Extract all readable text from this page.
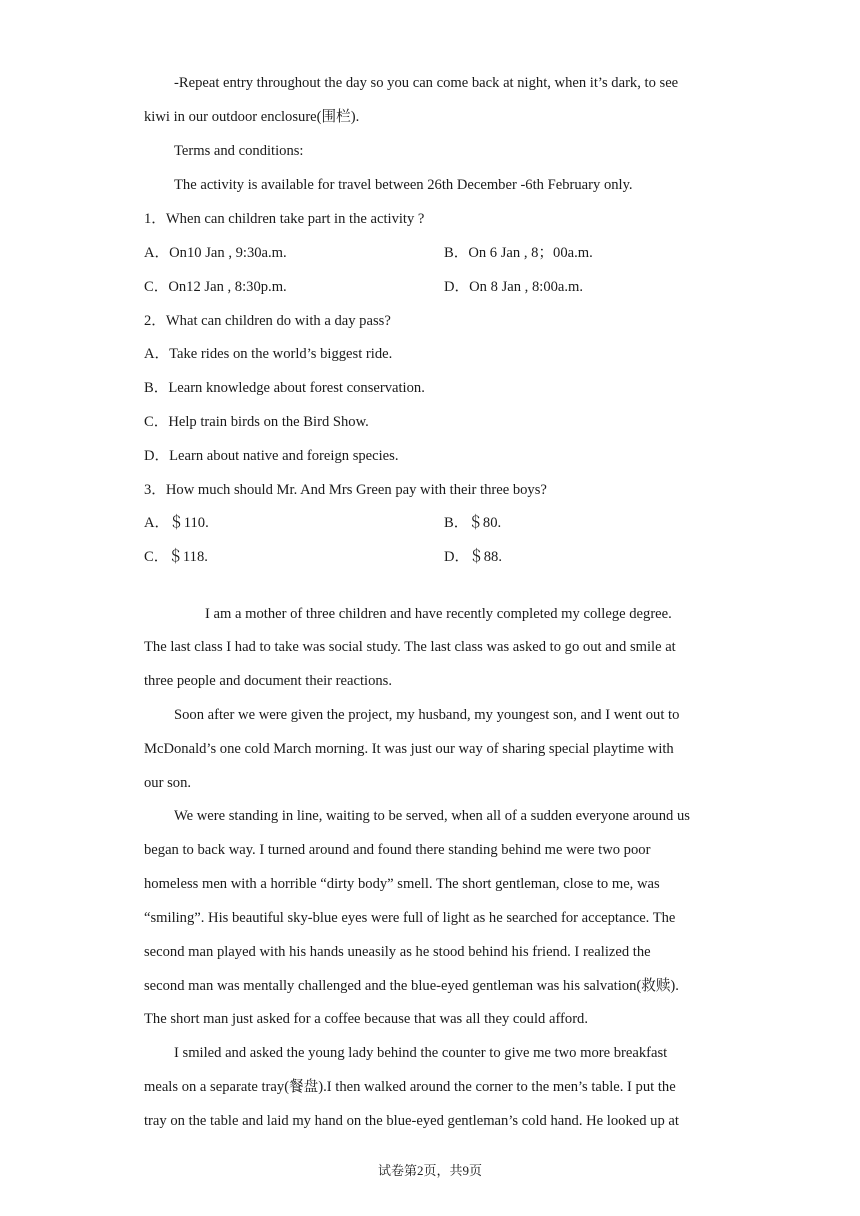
-Repeat entry throughout the day so you can come back at night, when it’s dark, to see
kiwi in our outdoor enclosure(围栏).
Terms and conditions:
The activity is available for travel between 26th December -6th February only.
1．When can children take part in the activity ?
A．On10 Jan , 9:30a.m.	B．On 6 Jan , 8；00a.m.
C．On12 Jan , 8:30p.m.	D．On 8 Jan , 8:00a.m.
2．What can children do with a day pass?
A．Take rides on the world’s biggest ride.
B．Learn knowledge about forest conservation.
C．Help train birds on the Bird Show.
D．Learn about native and foreign species.
3．How much should Mr. And Mrs Green pay with their three boys?
A．＄110.	B．＄80.
C．＄118.	D．＄88.
I am a mother of three children and have recently completed my college degree.
The last class I had to take was social study. The last class was asked to go out and smile at
three people and document their reactions.
Soon after we were given the project, my husband, my youngest son, and I went out to
McDonald’s one cold March morning. It was just our way of sharing special playtime with
our son.
We were standing in line, waiting to be served, when all of a sudden everyone around us
began to back way. I turned around and found there standing behind me were two poor
homeless men with a horrible “dirty body” smell. The short gentleman, close to me, was
“smiling”. His beautiful sky-blue eyes were full of light as he searched for acceptance. The
second man played with his hands uneasily as he stood behind his friend. I realized the
second man was mentally challenged and the blue-eyed gentleman was his salvation(救赎).
The short man just asked for a coffee because that was all they could afford.
I smiled and asked the young lady behind the counter to give me two more breakfast
meals on a separate tray(餐盘).I then walked around the corner to the men’s table. I put the
tray on the table and laid my hand on the blue-eyed gentleman’s cold hand. He looked up at
试卷第2页，共9页
